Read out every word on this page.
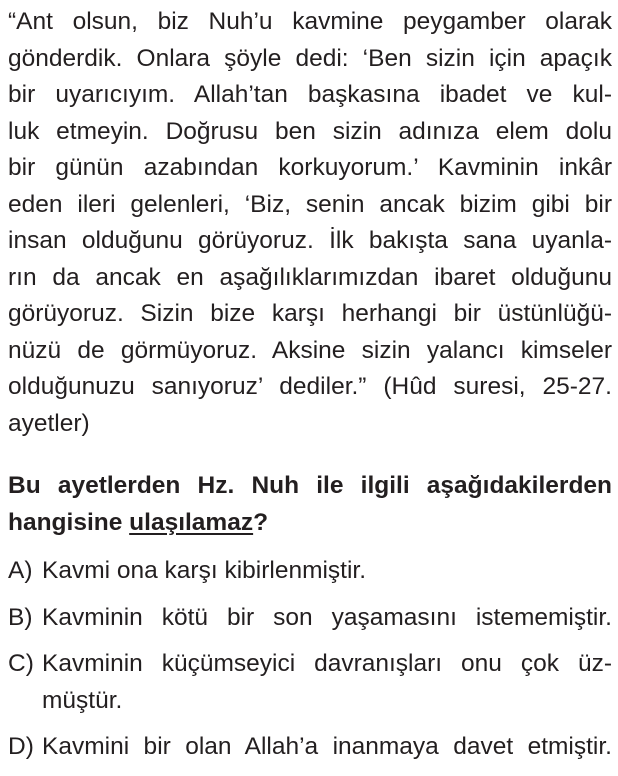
“Ant olsun, biz Nuh’u kavmine peygamber olarak
gönderdik. Onlara şöyle dedi: ‘Ben sizin için apaçık
bir uyarıcıyım. Allah’tan başkasına ibadet ve kul-
luk etmeyin. Doğrusu ben sizin adınıza elem dolu
bir günün azabından korkuyorum.’ Kavminin inkâr
eden ileri gelenleri, ‘Biz, senin ancak bizim gibi bir
insan olduğunu görüyoruz. İlk bakışta sana uyanla-
rın da ancak en aşağılıklarımızdan ibaret olduğunu
görüyoruz. Sizin bize karşı herhangi bir üstünlüğü-
nüzü de görmüyoruz. Aksine sizin yalancı kimseler
olduğunuzu sanıyoruz’ dediler.” (Hûd suresi, 25-27.
ayetler)
Bu ayetlerden Hz. Nuh ile ilgili aşağıdakilerden
hangisine ulaşılamaz?
A) Kavmi ona karşı kibirlenmiştir.
B) Kavminin kötü bir son yaşamasını istememiştir.
C) Kavminin küçümseyici davranışları onu çok üz-
müştür.
D) Kavmini bir olan Allah’a inanmaya davet etmiştir.
